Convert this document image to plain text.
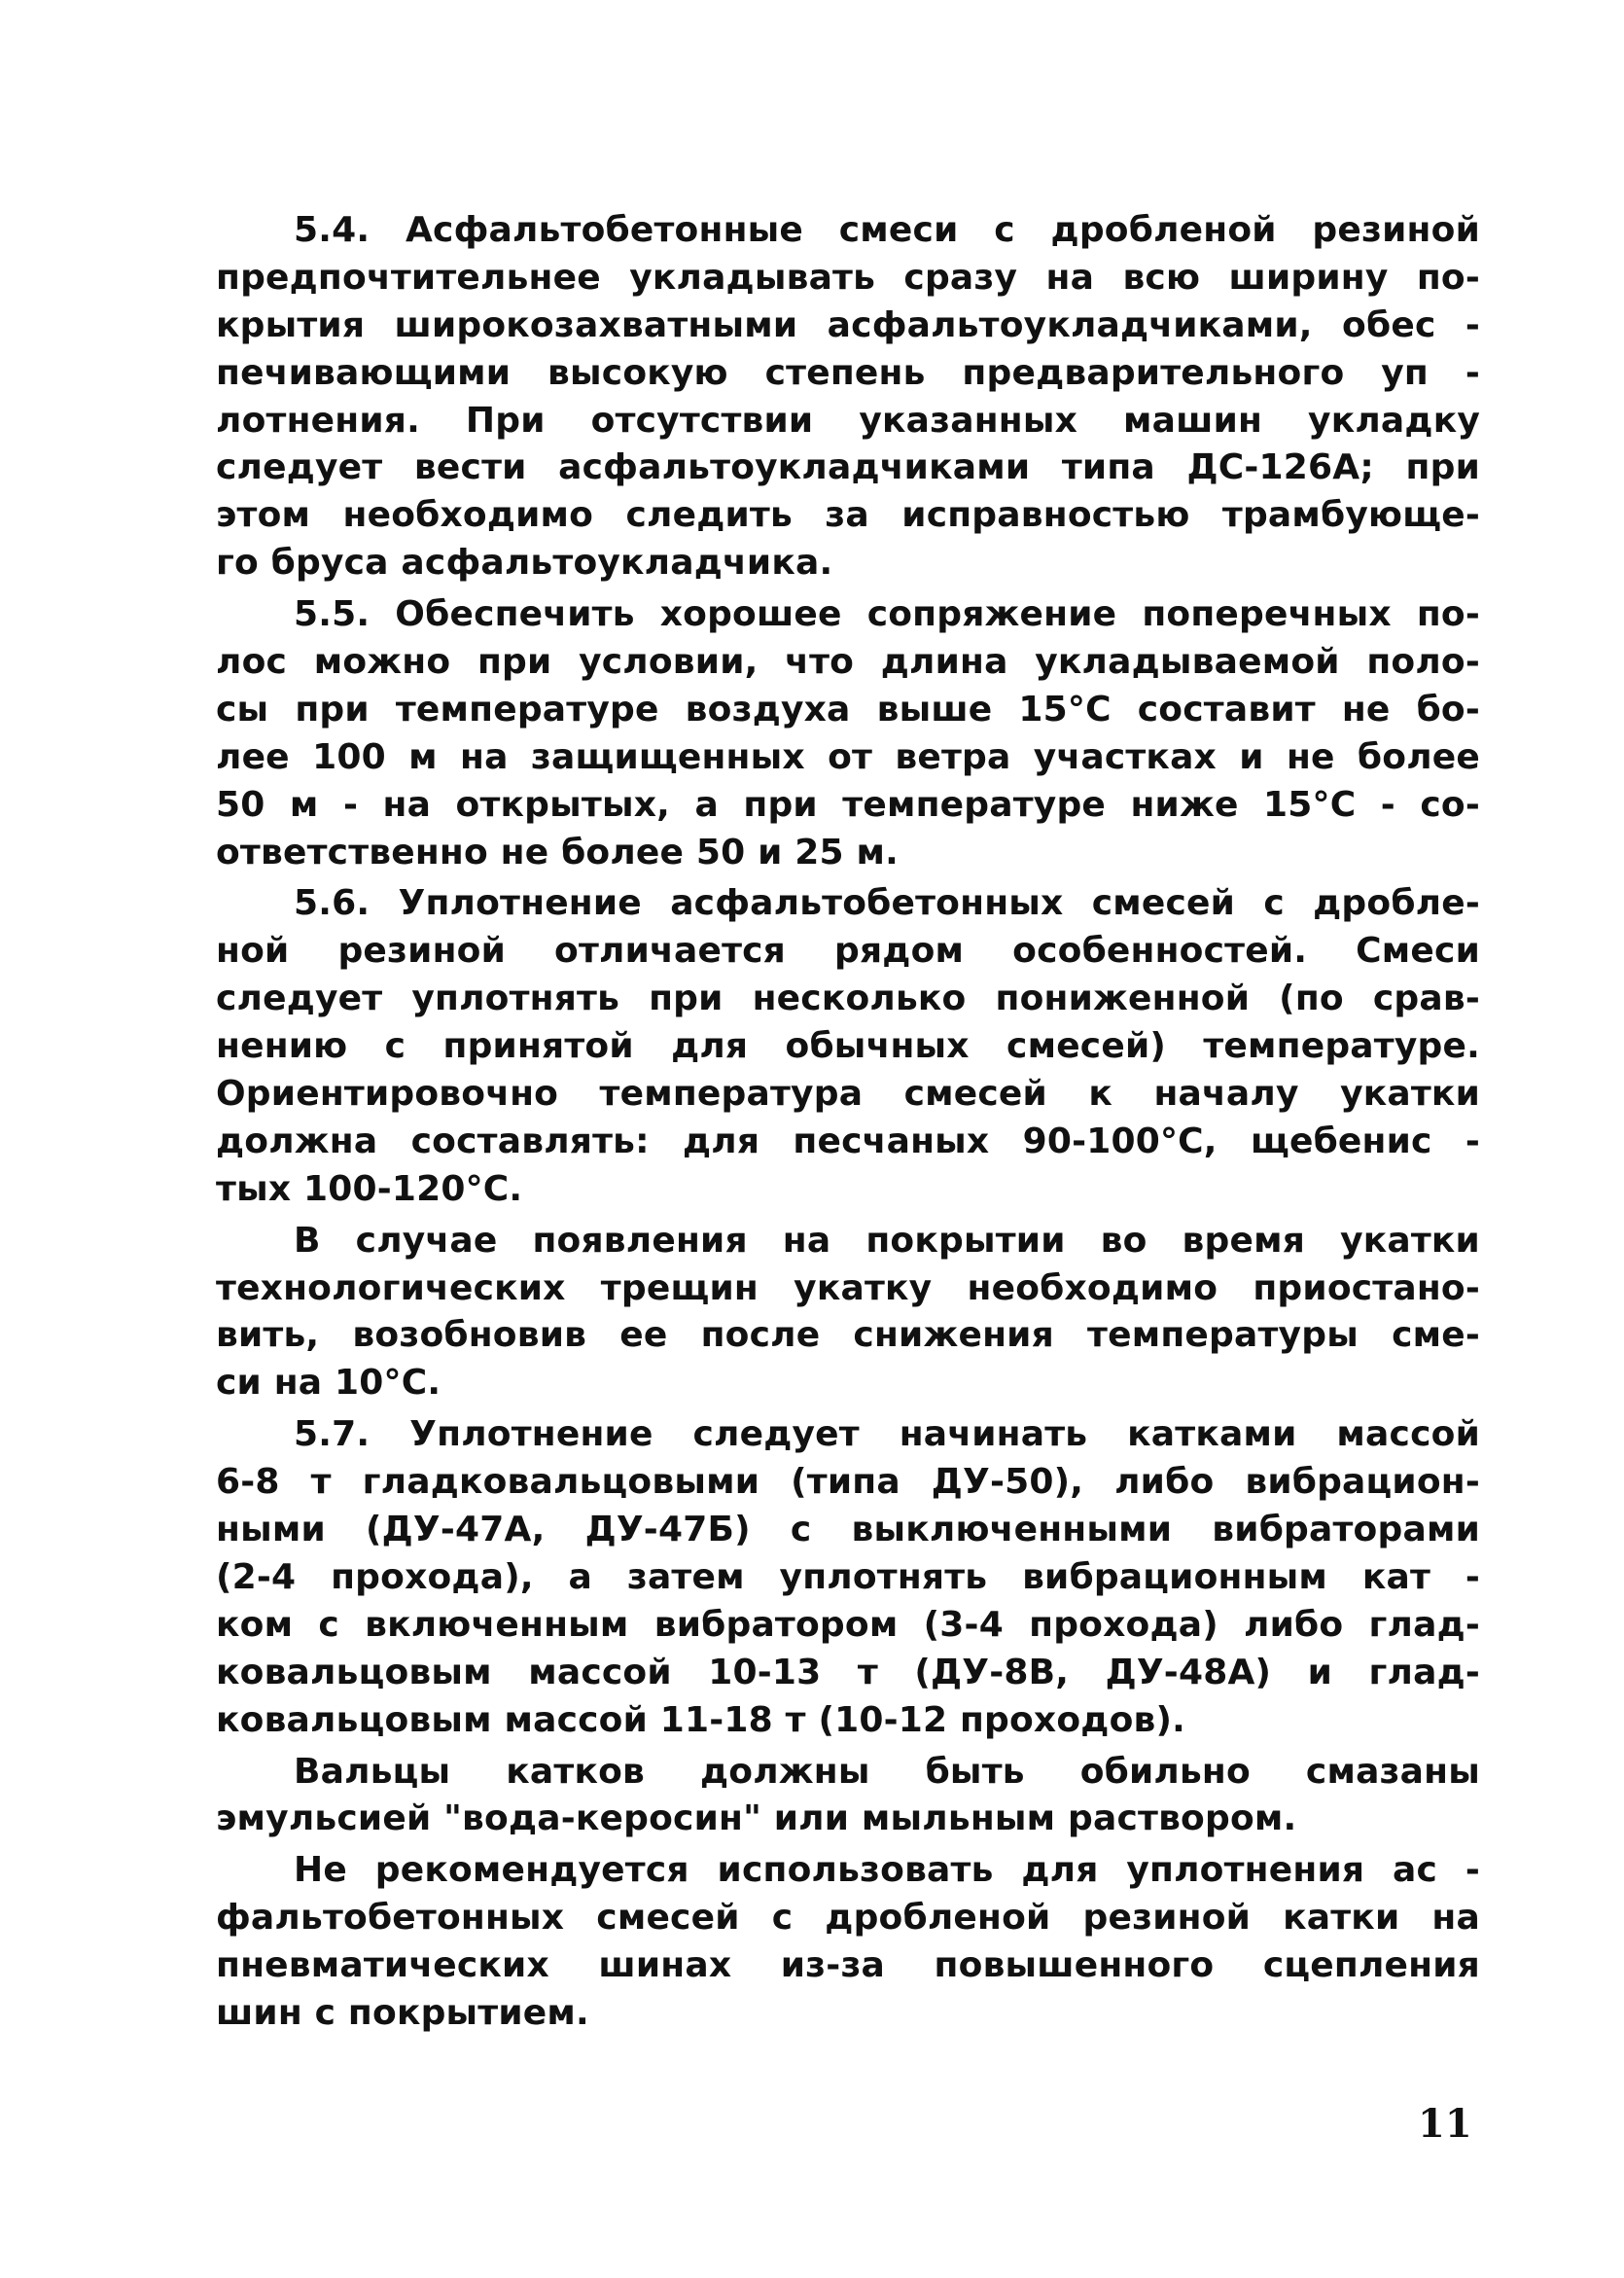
5.4. Асфальтобетонные смеси с дробленой резиной
предпочтительнее укладывать сразу на всю ширину по-
крытия широкозахватными асфальтоукладчиками, обес -
печивающими высокую степень предварительного уп -
лотнения. При отсутствии указанных машин укладку
следует вести асфальтоукладчиками типа ДС-126А; при
этом необходимо следить за исправностью трамбующе-
го бруса асфальтоукладчика.
5.5. Обеспечить хорошее сопряжение поперечных по-
лос можно при условии, что длина укладываемой поло-
сы при температуре воздуха выше 15°С составит не бо-
лее 100 м на защищенных от ветра участках и не более
50 м - на открытых, а при температуре ниже 15°С - со-
ответственно не более 50 и 25 м.
5.6. Уплотнение асфальтобетонных смесей с дробле-
ной резиной отличается рядом особенностей. Смеси
следует уплотнять при несколько пониженной (по срав-
нению с принятой для обычных смесей) температуре.
Ориентировочно температура смесей к началу укатки
должна составлять: для песчаных 90-100°С, щебенис -
тых 100-120°С.
В случае появления на покрытии во время укатки
технологических трещин укатку необходимо приостано-
вить, возобновив ее после снижения температуры сме-
си на 10°С.
5.7. Уплотнение следует начинать катками массой
6-8 т гладковальцовыми (типа ДУ-50), либо вибрацион-
ными (ДУ-47А, ДУ-47Б) с выключенными вибраторами
(2-4 прохода), а затем уплотнять вибрационным кат -
ком с включенным вибратором (3-4 прохода) либо глад-
ковальцовым массой 10-13 т (ДУ-8В, ДУ-48А) и глад-
ковальцовым массой 11-18 т (10-12 проходов).
Вальцы катков должны быть обильно смазаны
эмульсией "вода-керосин" или мыльным раствором.
Не рекомендуется использовать для уплотнения ас -
фальтобетонных смесей с дробленой резиной катки на
пневматических шинах из-за повышенного сцепления
шин с покрытием.
11
